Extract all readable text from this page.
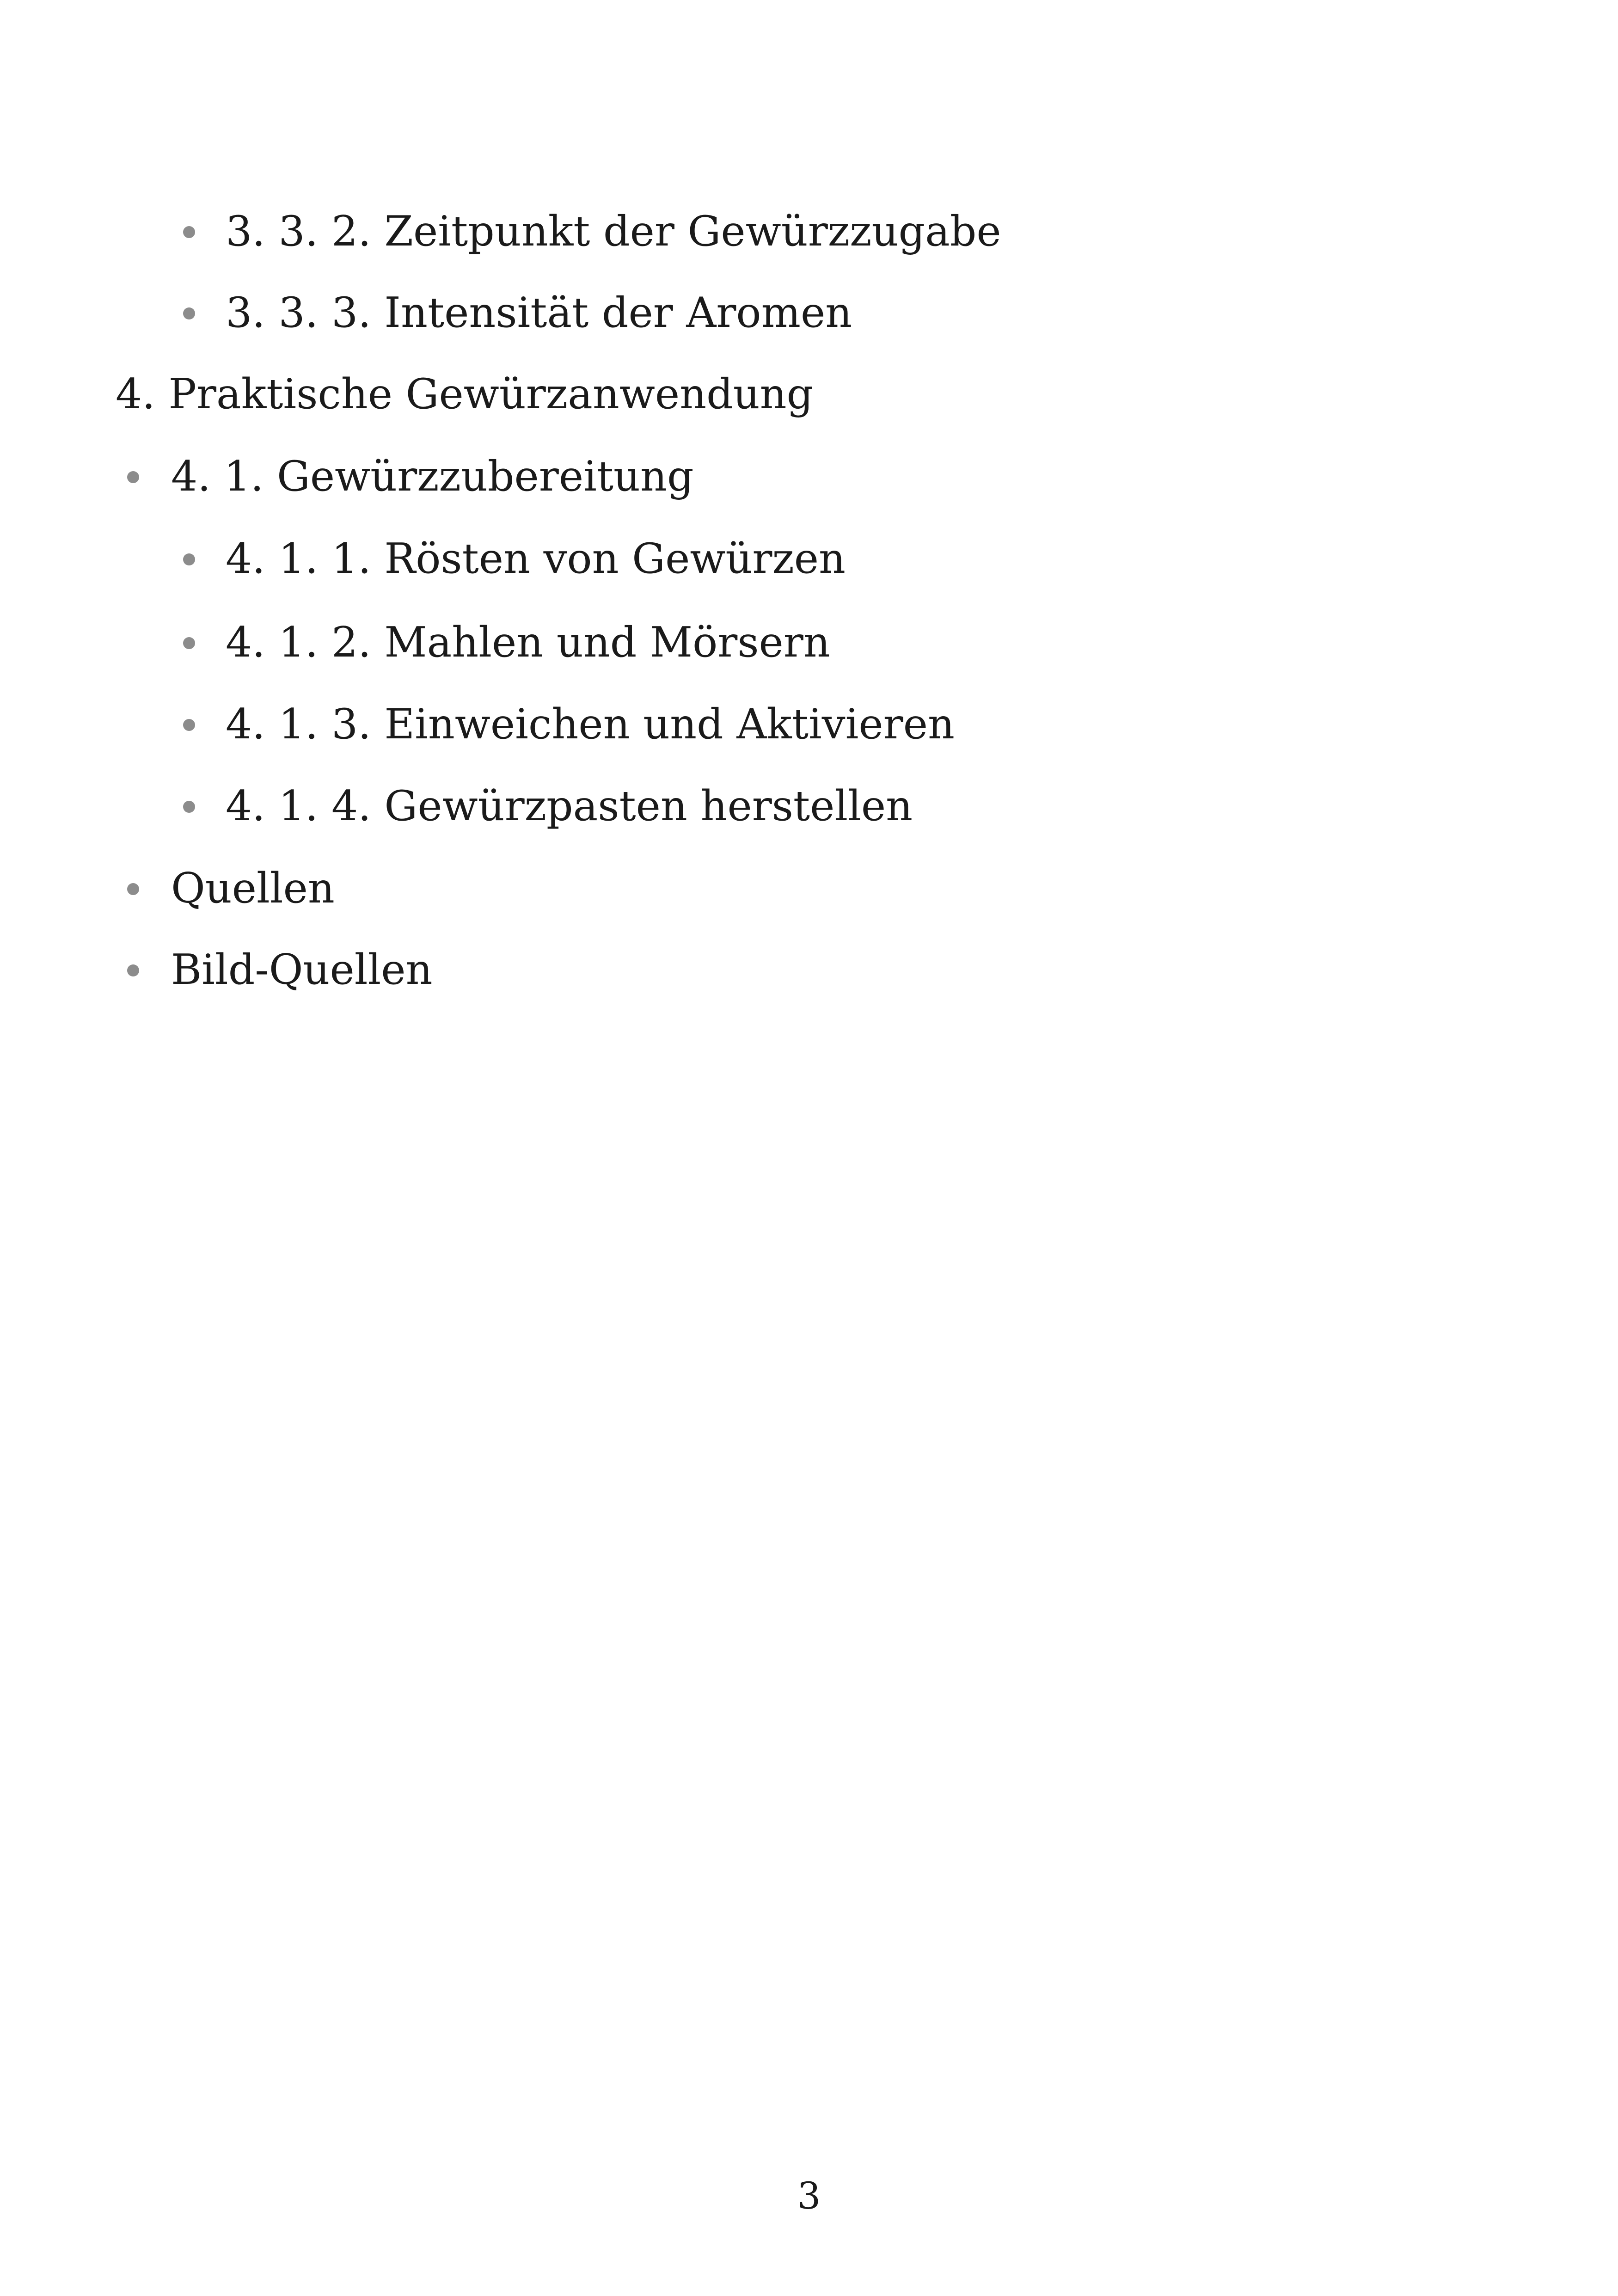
3. 3. 2. Zeitpunkt der Gewürzzugabe
3. 3. 3. Intensität der Aromen
4. Praktische Gewürzanwendung
4. 1. Gewürzzubereitung
4. 1. 1. Rösten von Gewürzen
4. 1. 2. Mahlen und Mörsern
4. 1. 3. Einweichen und Aktivieren
4. 1. 4. Gewürzpasten herstellen
Quellen
Bild-Quellen
3
